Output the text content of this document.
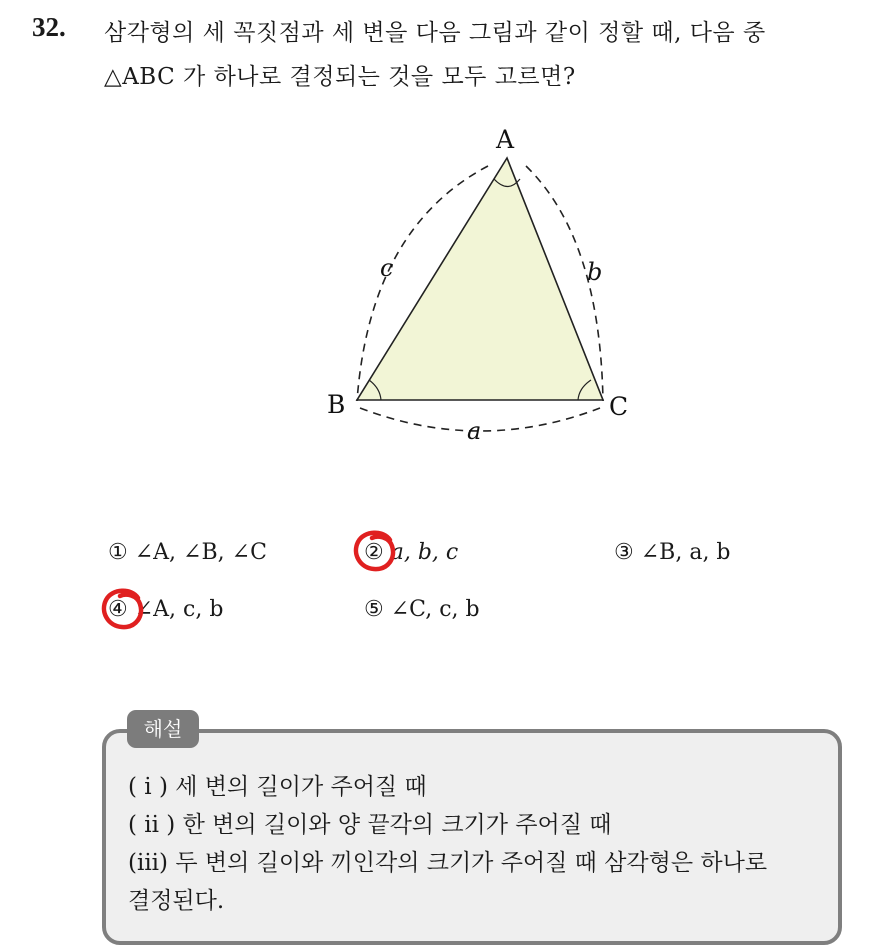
32. 삼각형의 세 꼭짓점과 세 변을 다음 그림과 같이 정할 때, 다음 중
△ABC 가 하나로 결정되는 것을 모두 고르면?
A
B	C
c	b
a
① ∠A, ∠B, ∠C	② a, b, c	③ ∠B, a, b
④ ∠A, c, b	⑤ ∠C, c, b
해설
( i ) 세 변의 길이가 주어질 때
( ii ) 한 변의 길이와 양 끝각의 크기가 주어질 때
(iii) 두 변의 길이와 끼인각의 크기가 주어질 때 삼각형은 하나로
결정된다.
